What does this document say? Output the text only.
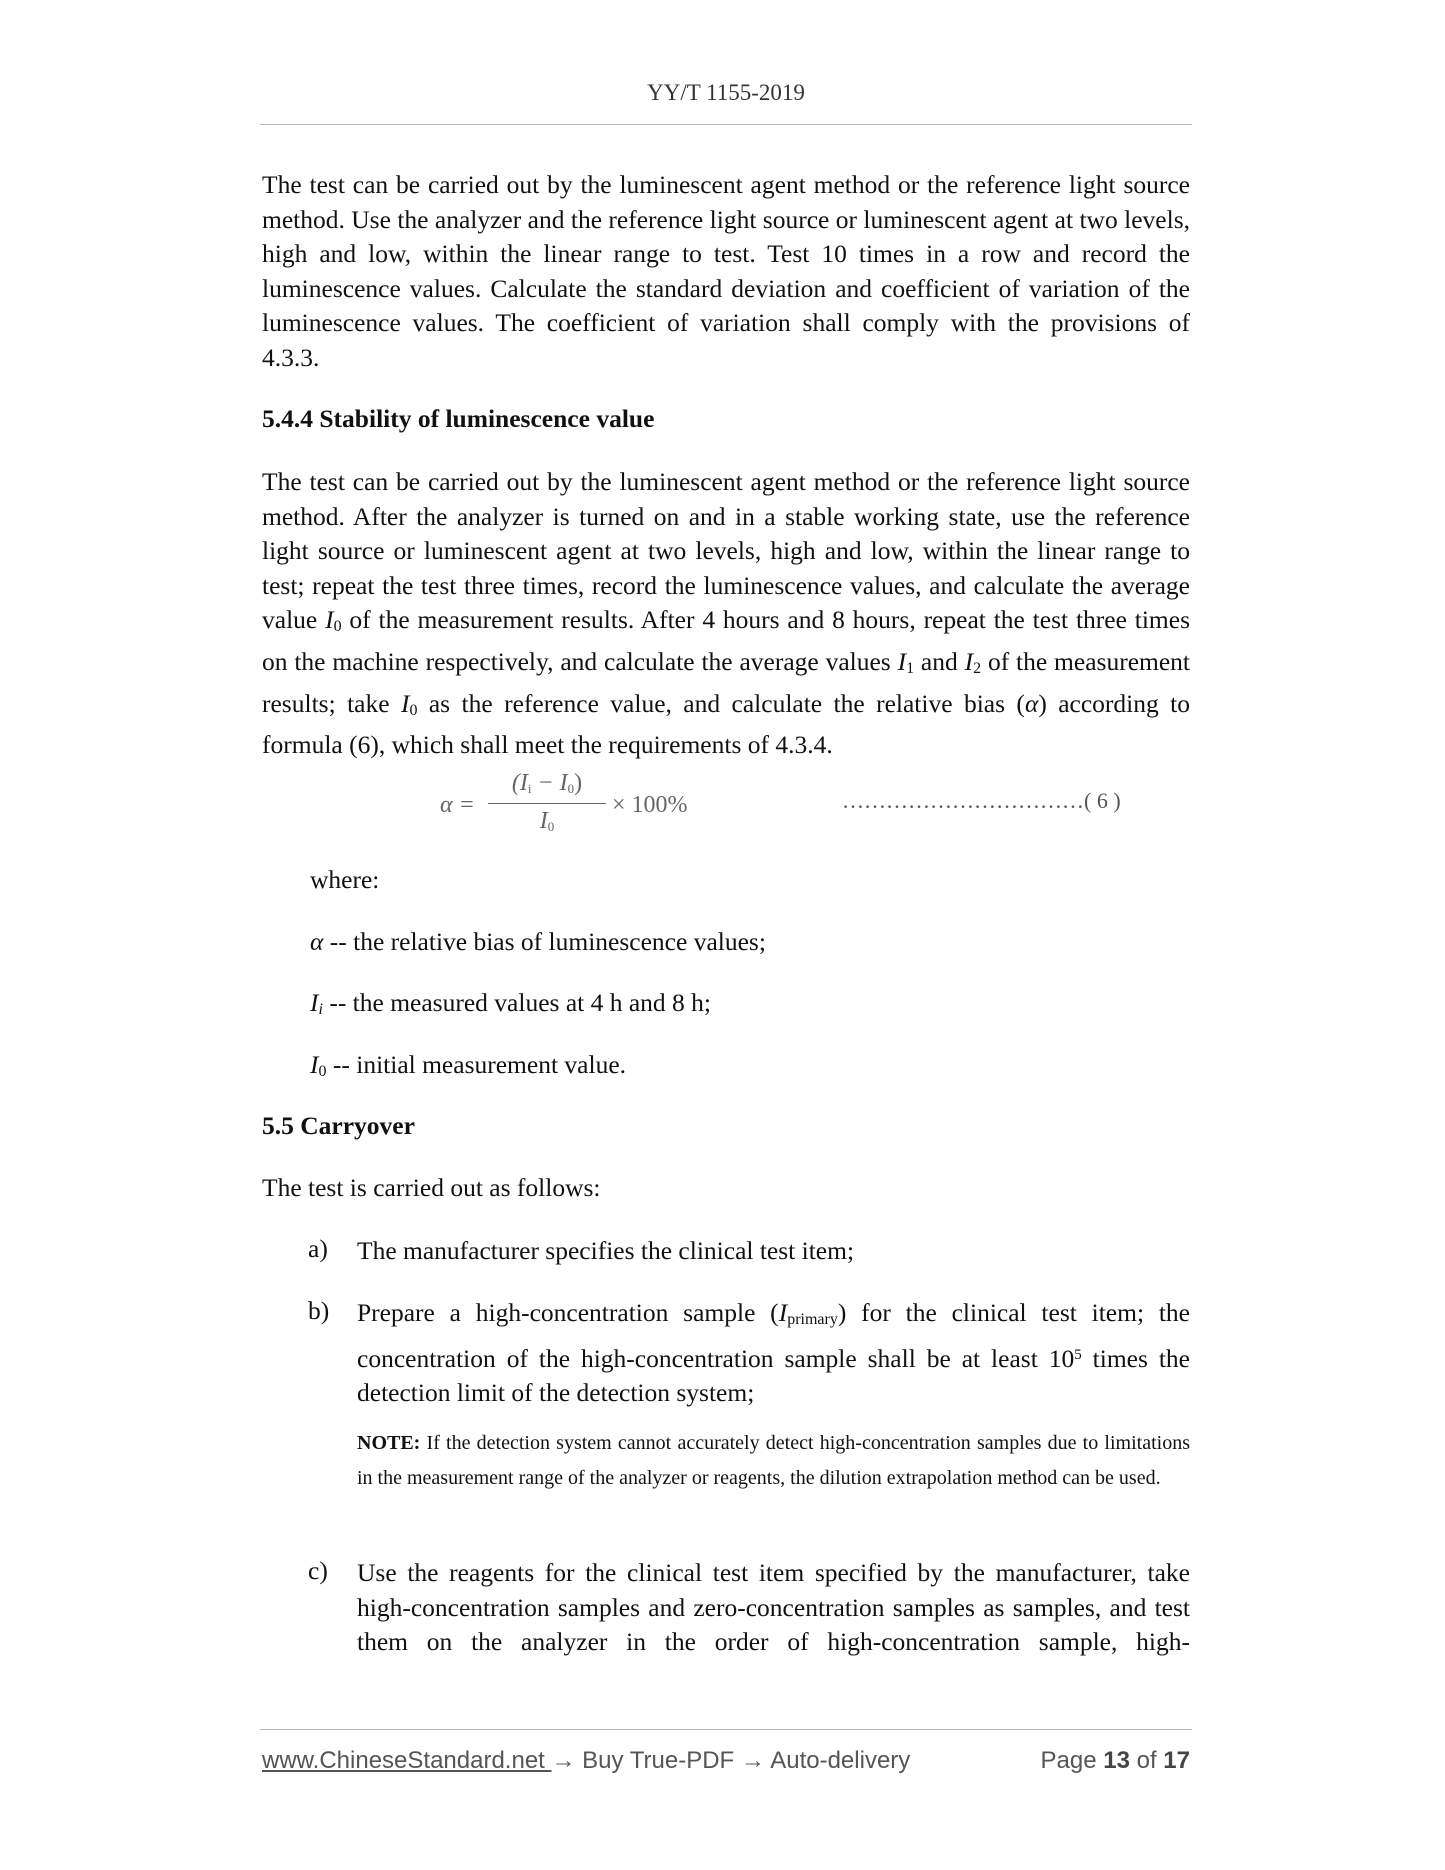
YY/T 1155-2019
The test can be carried out by the luminescent agent method or the reference light source method. Use the analyzer and the reference light source or luminescent agent at two levels, high and low, within the linear range to test. Test 10 times in a row and record the luminescence values. Calculate the standard deviation and coefficient of variation of the luminescence values. The coefficient of variation shall comply with the provisions of 4.3.3.
5.4.4 Stability of luminescence value
The test can be carried out by the luminescent agent method or the reference light source method. After the analyzer is turned on and in a stable working state, use the reference light source or luminescent agent at two levels, high and low, within the linear range to test; repeat the test three times, record the luminescence values, and calculate the average value $I_0$ of the measurement results. After 4 hours and 8 hours, repeat the test three times on the machine respectively, and calculate the average values $I_1$ and $I_2$ of the measurement results; take $I_0$ as the reference value, and calculate the relative bias (α) according to formula (6), which shall meet the requirements of 4.3.4.
α =
$(I_i - I_0)$
$I_0$
× 100%	……………………………( 6 )
where:
α -- the relative bias of luminescence values;
$I_i$ -- the measured values at 4 h and 8 h;
$I_0$ -- initial measurement value.
5.5 Carryover
The test is carried out as follows:
a) The manufacturer specifies the clinical test item;
b) Prepare a high-concentration sample $(I_{primary})$ for the clinical test item; the concentration of the high-concentration sample shall be at least $10^5$ times the detection limit of the detection system;
NOTE: If the detection system cannot accurately detect high-concentration samples due to limitations in the measurement range of the analyzer or reagents, the dilution extrapolation method can be used.
c) Use the reagents for the clinical test item specified by the manufacturer, take high-concentration samples and zero-concentration samples as samples, and test them on the analyzer in the order of high-concentration sample, high-
www.ChineseStandard.net → Buy True-PDF → Auto-delivery	Page 13 of 17
